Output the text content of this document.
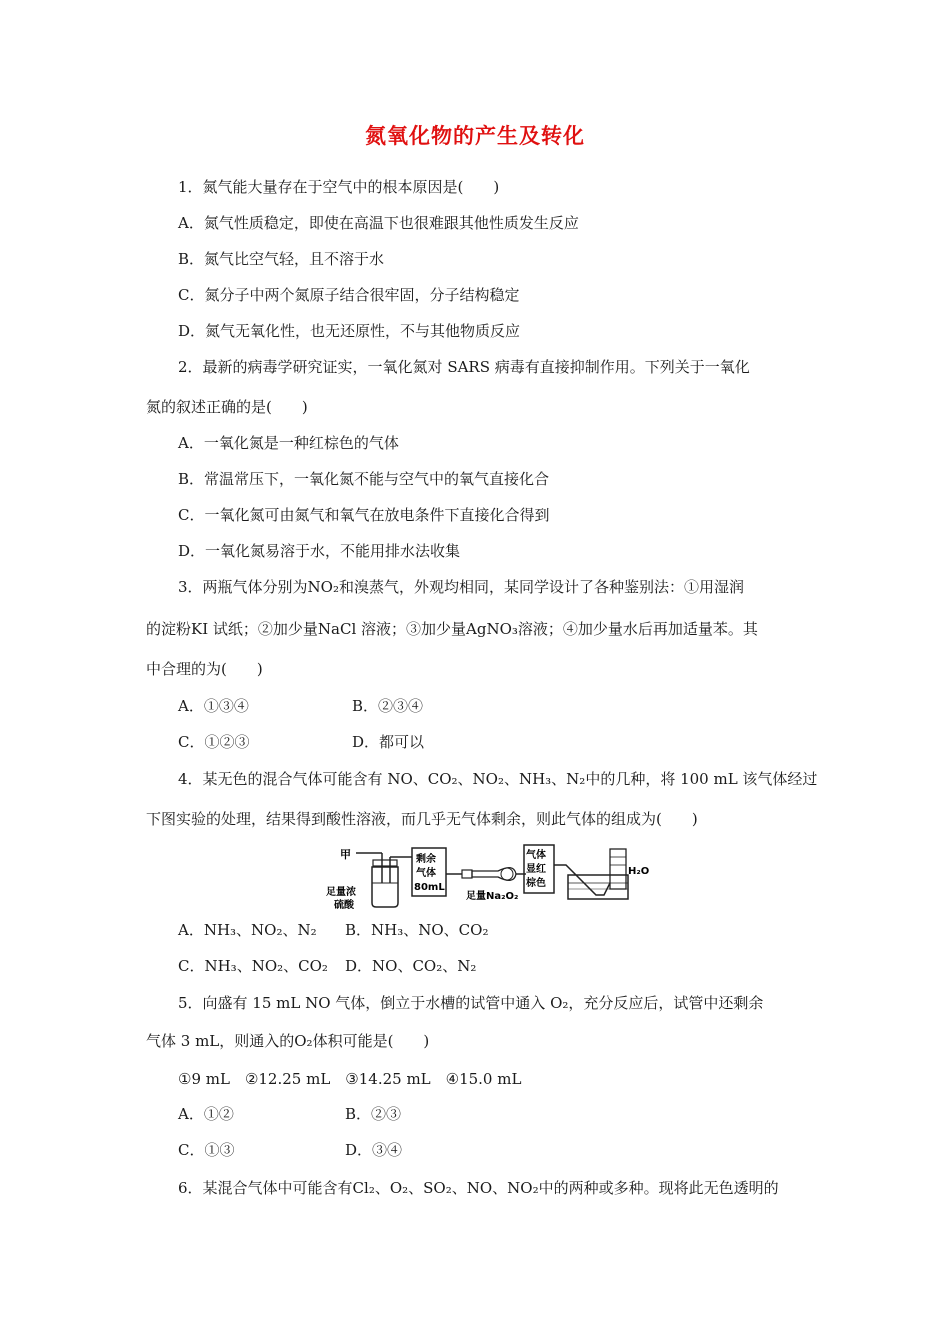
氮氧化物的产生及转化
1．氮气能大量存在于空气中的根本原因是(　　)
A．氮气性质稳定，即使在高温下也很难跟其他性质发生反应
B．氮气比空气轻，且不溶于水
C．氮分子中两个氮原子结合很牢固，分子结构稳定
D．氮气无氧化性，也无还原性，不与其他物质反应
2．最新的病毒学研究证实，一氧化氮对 SARS 病毒有直接抑制作用。下列关于一氧化
氮的叙述正确的是(　　)
A．一氧化氮是一种红棕色的气体
B．常温常压下，一氧化氮不能与空气中的氧气直接化合
C．一氧化氮可由氮气和氧气在放电条件下直接化合得到
D．一氧化氮易溶于水，不能用排水法收集
3．两瓶气体分别为NO₂和溴蒸气，外观均相同，某同学设计了各种鉴别法：①用湿润
的淀粉KI 试纸；②加少量NaCl 溶液；③加少量AgNO₃溶液；④加少量水后再加适量苯。其
中合理的为(　　)
A．①③④	B．②③④
C．①②③	D．都可以
4．某无色的混合气体可能含有 NO、CO₂、NO₂、NH₃、N₂中的几种，将 100 mL 该气体经过
下图实验的处理，结果得到酸性溶液，而几乎无气体剩余，则此气体的组成为(　　)
甲
足量浓
硫酸
剩余
气体
80mL
足量Na₂O₂
气体
显红
棕色
H₂O
A．NH₃、NO₂、N₂ B．NH₃、NO、CO₂
C．NH₃、NO₂、CO₂ D．NO、CO₂、N₂
5．向盛有 15 mL NO 气体，倒立于水槽的试管中通入 O₂，充分反应后，试管中还剩余
气体 3 mL，则通入的O₂体积可能是(　　)
①9 mL　②12.25 mL　③14.25 mL　④15.0 mL
A．①②	B．②③
C．①③	D．③④
6．某混合气体中可能含有Cl₂、O₂、SO₂、NO、NO₂中的两种或多种。现将此无色透明的
